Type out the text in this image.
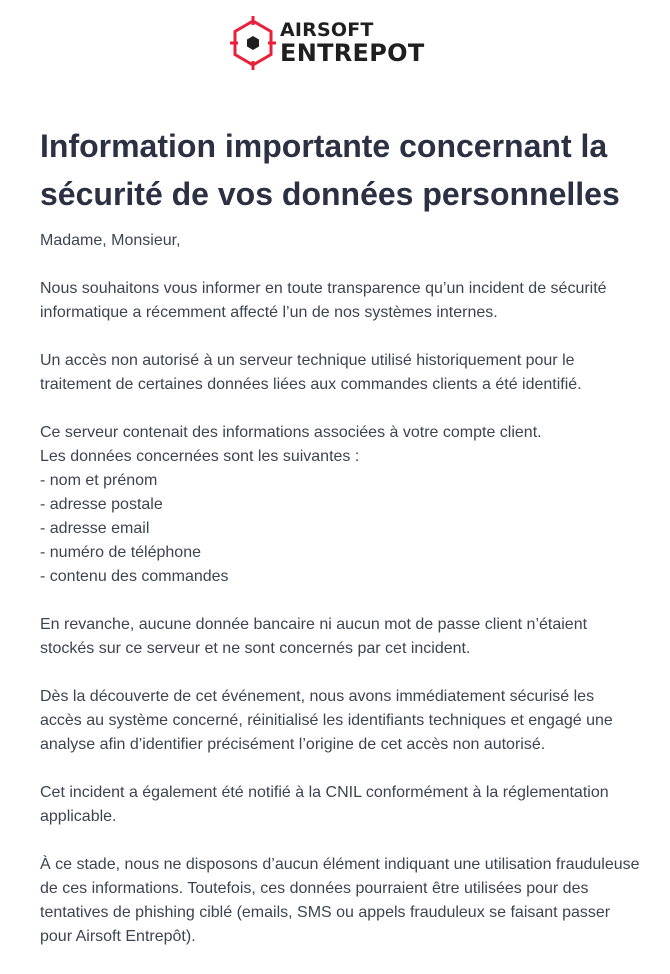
AIRSOFT
ENTREPOT
Information importante concernant la sécurité de vos données personnelles

Madame, Monsieur,

Nous souhaitons vous informer en toute transparence qu’un incident de sécurité informatique a récemment affecté l’un de nos systèmes internes.

Un accès non autorisé à un serveur technique utilisé historiquement pour le traitement de certaines données liées aux commandes clients a été identifié.

Ce serveur contenait des informations associées à votre compte client.

Les données concernées sont les suivantes :

- nom et prénom
- adresse postale
- adresse email
- numéro de téléphone
- contenu des commandes

En revanche, aucune donnée bancaire ni aucun mot de passe client n’étaient stockés sur ce serveur et ne sont concernés par cet incident.

Dès la découverte de cet événement, nous avons immédiatement sécurisé les accès au système concerné, réinitialisé les identifiants techniques et engagé une analyse afin d’identifier précisément l’origine de cet accès non autorisé.

Cet incident a également été notifié à la CNIL conformément à la réglementation applicable.

À ce stade, nous ne disposons d’aucun élément indiquant une utilisation frauduleuse de ces informations. Toutefois, ces données pourraient être utilisées pour des tentatives de phishing ciblé (emails, SMS ou appels frauduleux se faisant passer pour Airsoft Entrepôt).
